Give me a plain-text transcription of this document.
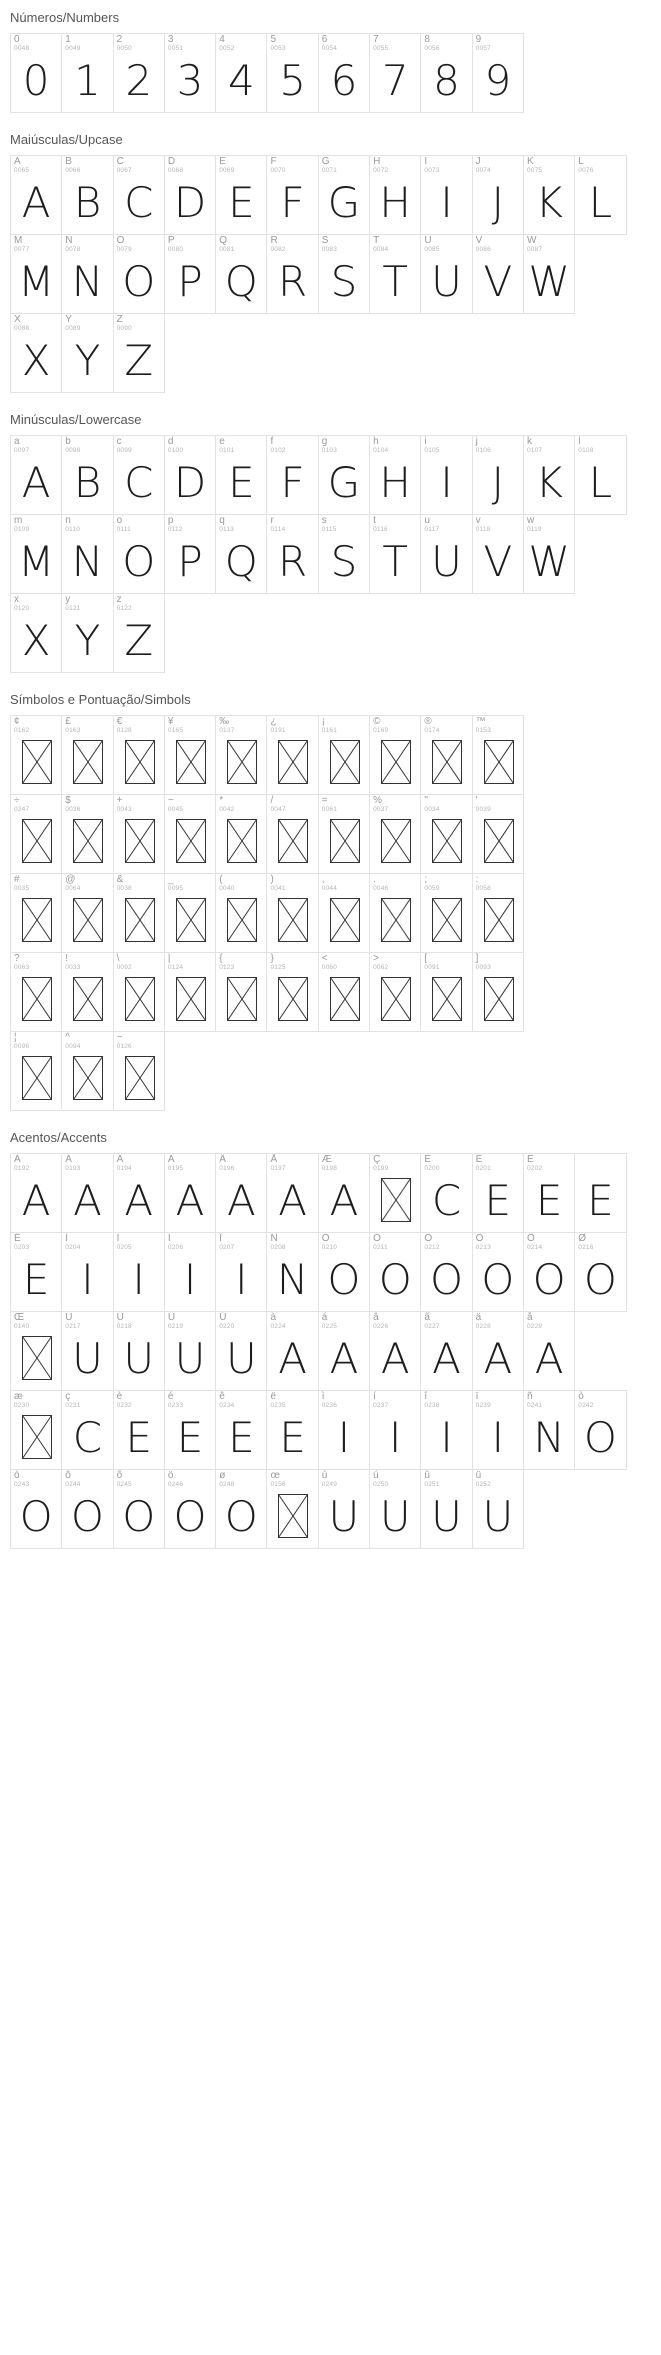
Números/Numbers
0
0048
0
1
0049
1
2
0050
2
3
0051
3
4
0052
4
5
0053
5
6
0054
6
7
0055
7
8
0056
8
9
0057
9
Maiúsculas/Upcase
A
0065
A
B
0066
B
C
0067
C
D
0068
D
E
0069
E
F
0070
F
G
0071
G
H
0072
H
I
0073
I
J
0074
J
K
0075
K
L
0076
L
M
0077
M
N
0078
N
O
0079
O
P
0080
P
Q
0081
Q
R
0082
R
S
0083
S
T
0084
T
U
0085
U
V
0086
V
W
0087
W
X
0088
X
Y
0089
Y
Z
0090
Z
Minúsculas/Lowercase
a
0097
A
b
0098
B
c
0099
C
d
0100
D
e
0101
E
f
0102
F
g
0103
G
h
0104
H
i
0105
I
j
0106
J
k
0107
K
l
0108
L
m
0109
M
n
0110
N
o
0111
O
p
0112
P
q
0113
Q
r
0114
R
s
0115
S
t
0116
T
u
0117
U
v
0118
V
w
0119
W
x
0120
X
y
0121
Y
z
0122
Z
Símbolos e Pontuação/Simbols
¢
0162
£
0163
€
0128
¥
0165
‰
0137
¿
0191
¡
0161
©
0169
®
0174
™
0153
÷
0247
$
0036
+
0043
−
0045
*
0042
/
0047
=
0061
%
0037
"
0034
'
0039
#
0035
@
0064
&
0038
_
0095
(
0040
)
0041
,
0044
.
0046
;
0059
:
0058
?
0063
!
0033
\
0092
|
0124
{
0123
}
0125
<
0060
>
0062
[
0091
]
0093
¦
0096
^
0094
~
0126
Acentos/Accents
À
0192
A
Á
0193
A
Â
0194
A
Ã
0195
A
Ä
0196
A
Å
0197
A
Æ
0198
A
Ç
0199
È
0200
C
É
0201
E
Ê
0202
E E
Ë
0203
E
Ì
0204
I
Í
0205
I
Î
0206
I
Ï
0207
I
Ñ
0208
N
Ò
0210
O
Ó
0211
O
Ô
0212
O
Õ
0213
O
Ö
0214
O
Ø
0216
O
Œ
0140
Ù
0217
U
Ú
0218
U
Û
0219
U
Ü
0220
U
à
0224
A
á
0225
A
â
0226
A
ã
0227
A
ä
0228
A
å
0229
A
æ
0230
ç
0231
C
è
0232
E
é
0233
E
ê
0234
E
ë
0235
E
ì
0236
I
í
0237
I
î
0238
I
ï
0239
I
ñ
0241
N
ò
0242
O
ó
0243
O
ô
0244
O
õ
0245
O
ö
0246
O
ø
0248
O
œ
0156
ù
0249
U
ú
0250
U
û
0251
U
ü
0252
U
